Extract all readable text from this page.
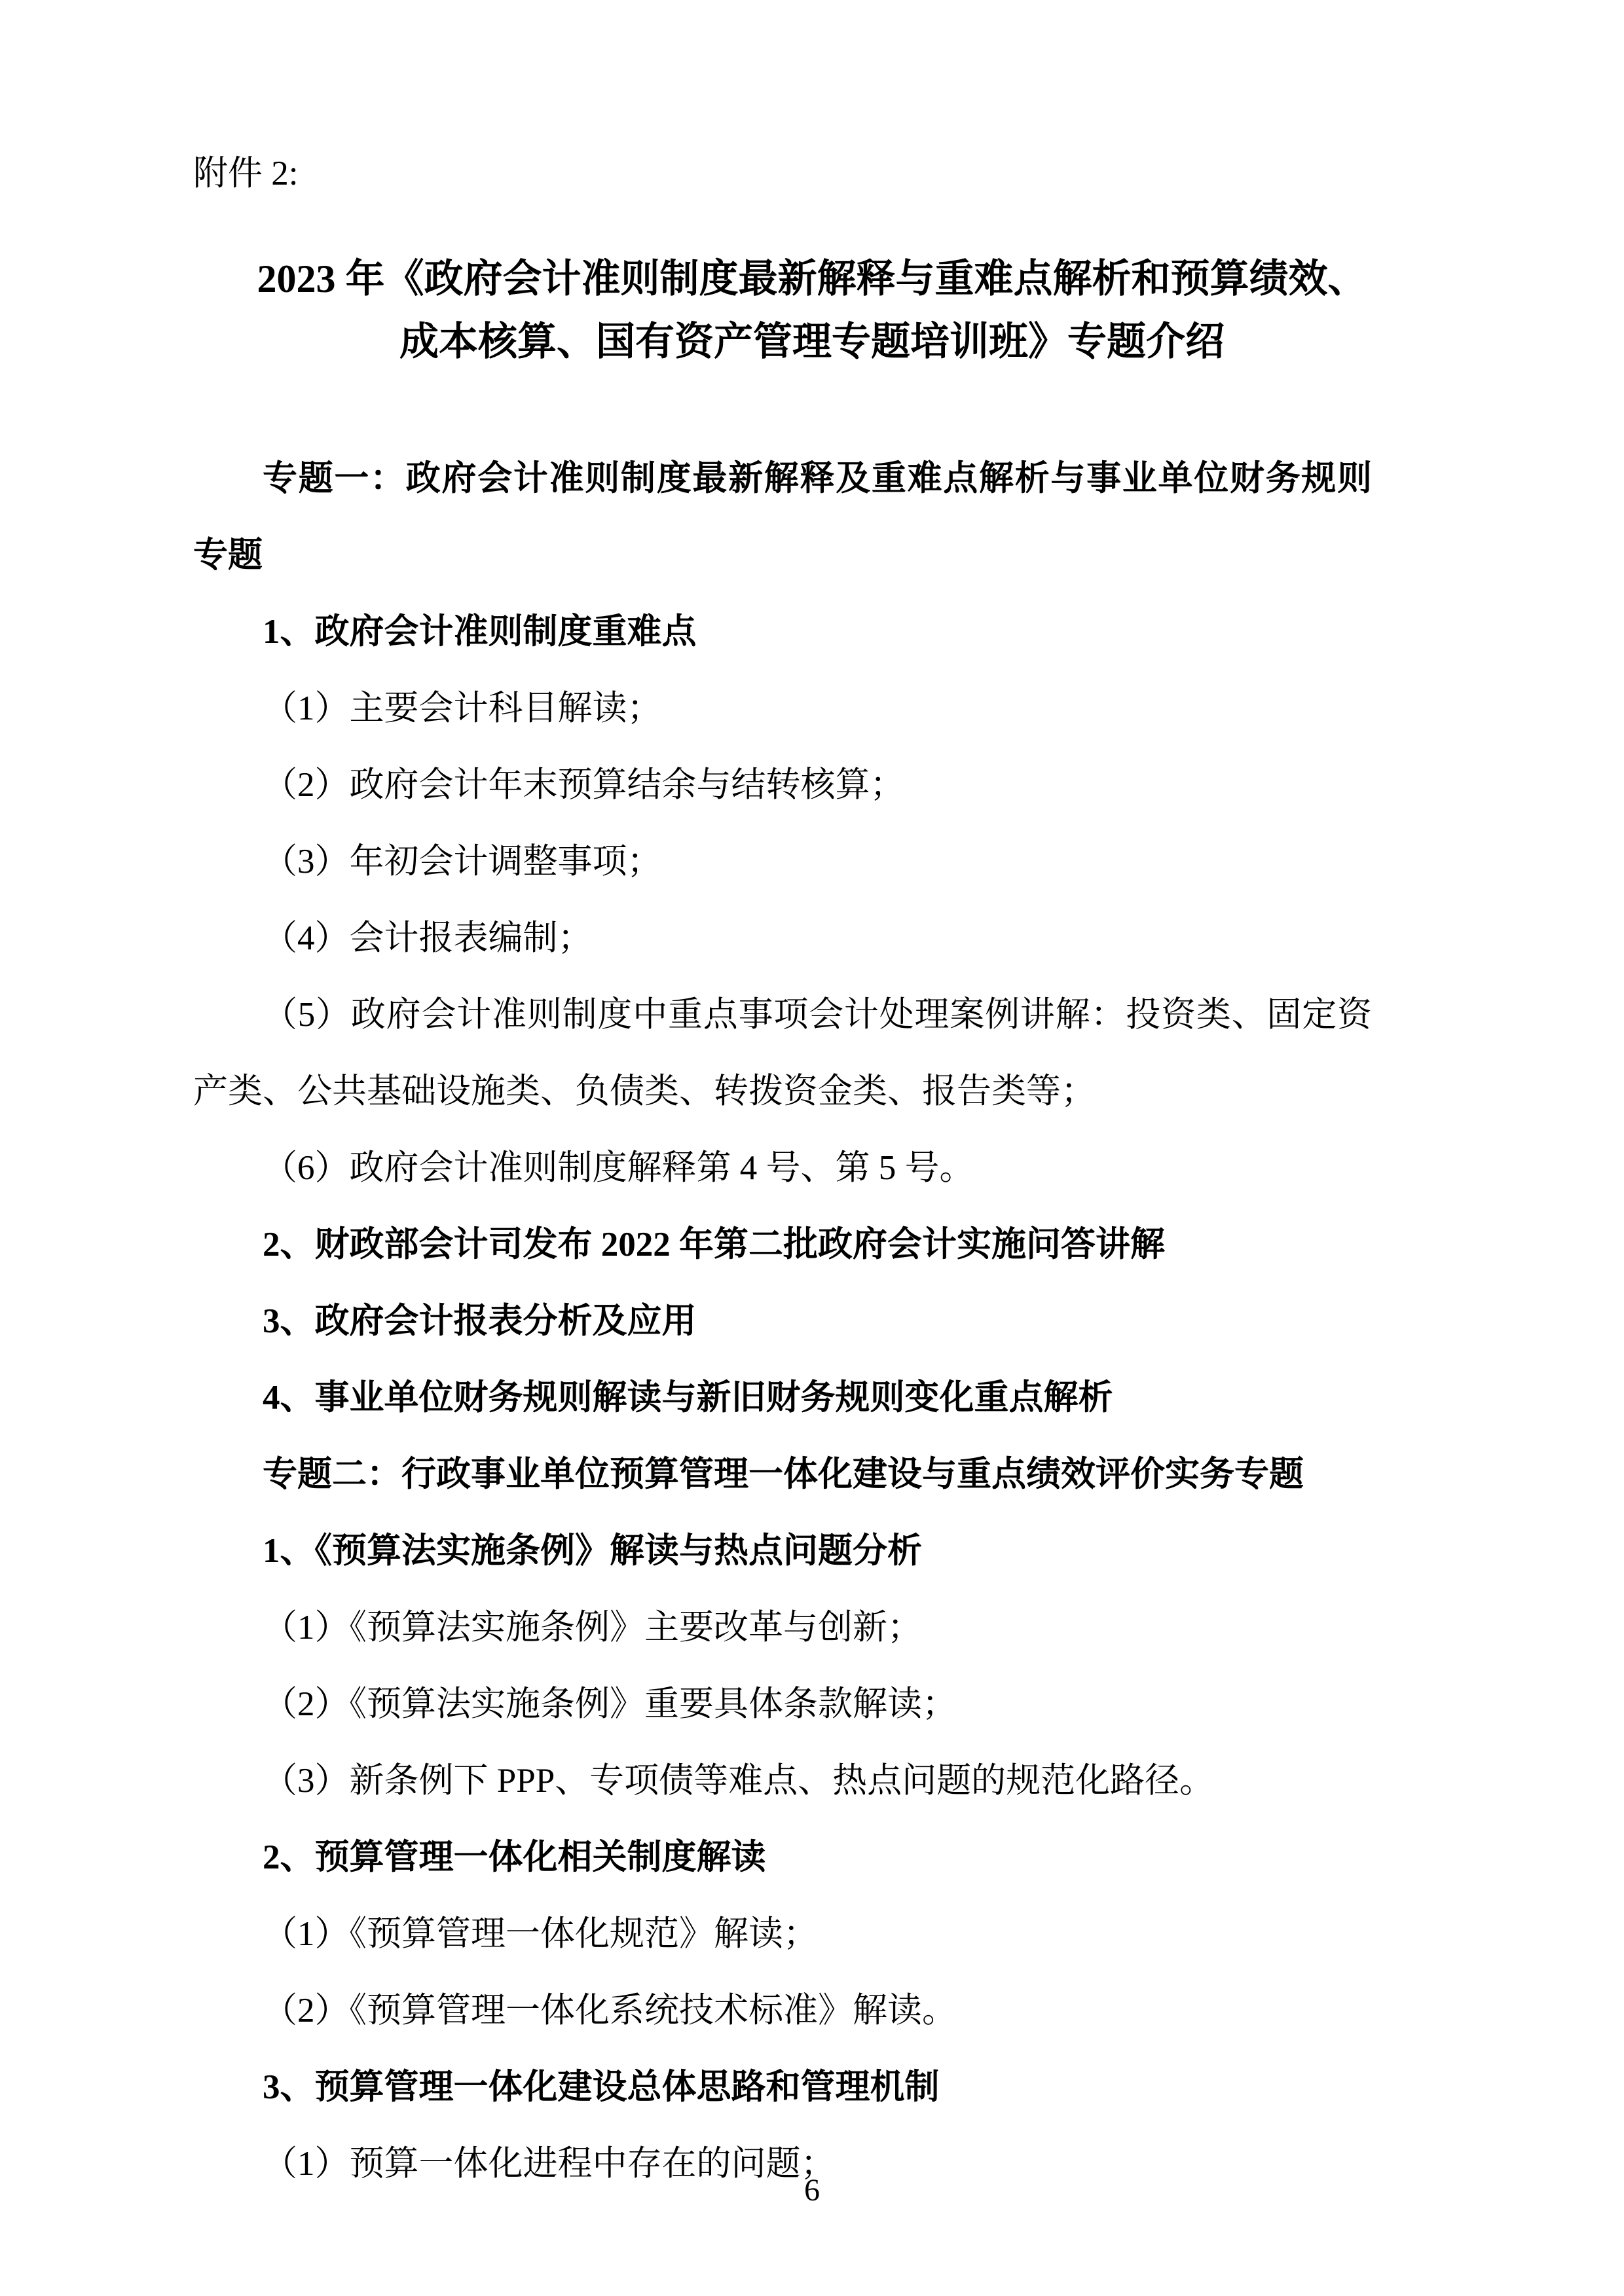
附件 2:
2023 年《政府会计准则制度最新解释与重难点解析和预算绩效、
成本核算、国有资产管理专题培训班》专题介绍

专题一：政府会计准则制度最新解释及重难点解析与事业单位财务规则专题

1、政府会计准则制度重难点

（1）主要会计科目解读；

（2）政府会计年末预算结余与结转核算；

（3）年初会计调整事项；

（4）会计报表编制；

（5）政府会计准则制度中重点事项会计处理案例讲解：投资类、固定资产类、公共基础设施类、负债类、转拨资金类、报告类等；

（6）政府会计准则制度解释第 4 号、第 5 号。

2、财政部会计司发布 2022 年第二批政府会计实施问答讲解

3、政府会计报表分析及应用

4、事业单位财务规则解读与新旧财务规则变化重点解析

专题二：行政事业单位预算管理一体化建设与重点绩效评价实务专题

1、《预算法实施条例》解读与热点问题分析

（1）《预算法实施条例》主要改革与创新；

（2）《预算法实施条例》重要具体条款解读；

（3）新条例下 PPP、专项债等难点、热点问题的规范化路径。

2、预算管理一体化相关制度解读

（1）《预算管理一体化规范》解读；

（2）《预算管理一体化系统技术标准》解读。

3、预算管理一体化建设总体思路和管理机制

（1）预算一体化进程中存在的问题；

6
